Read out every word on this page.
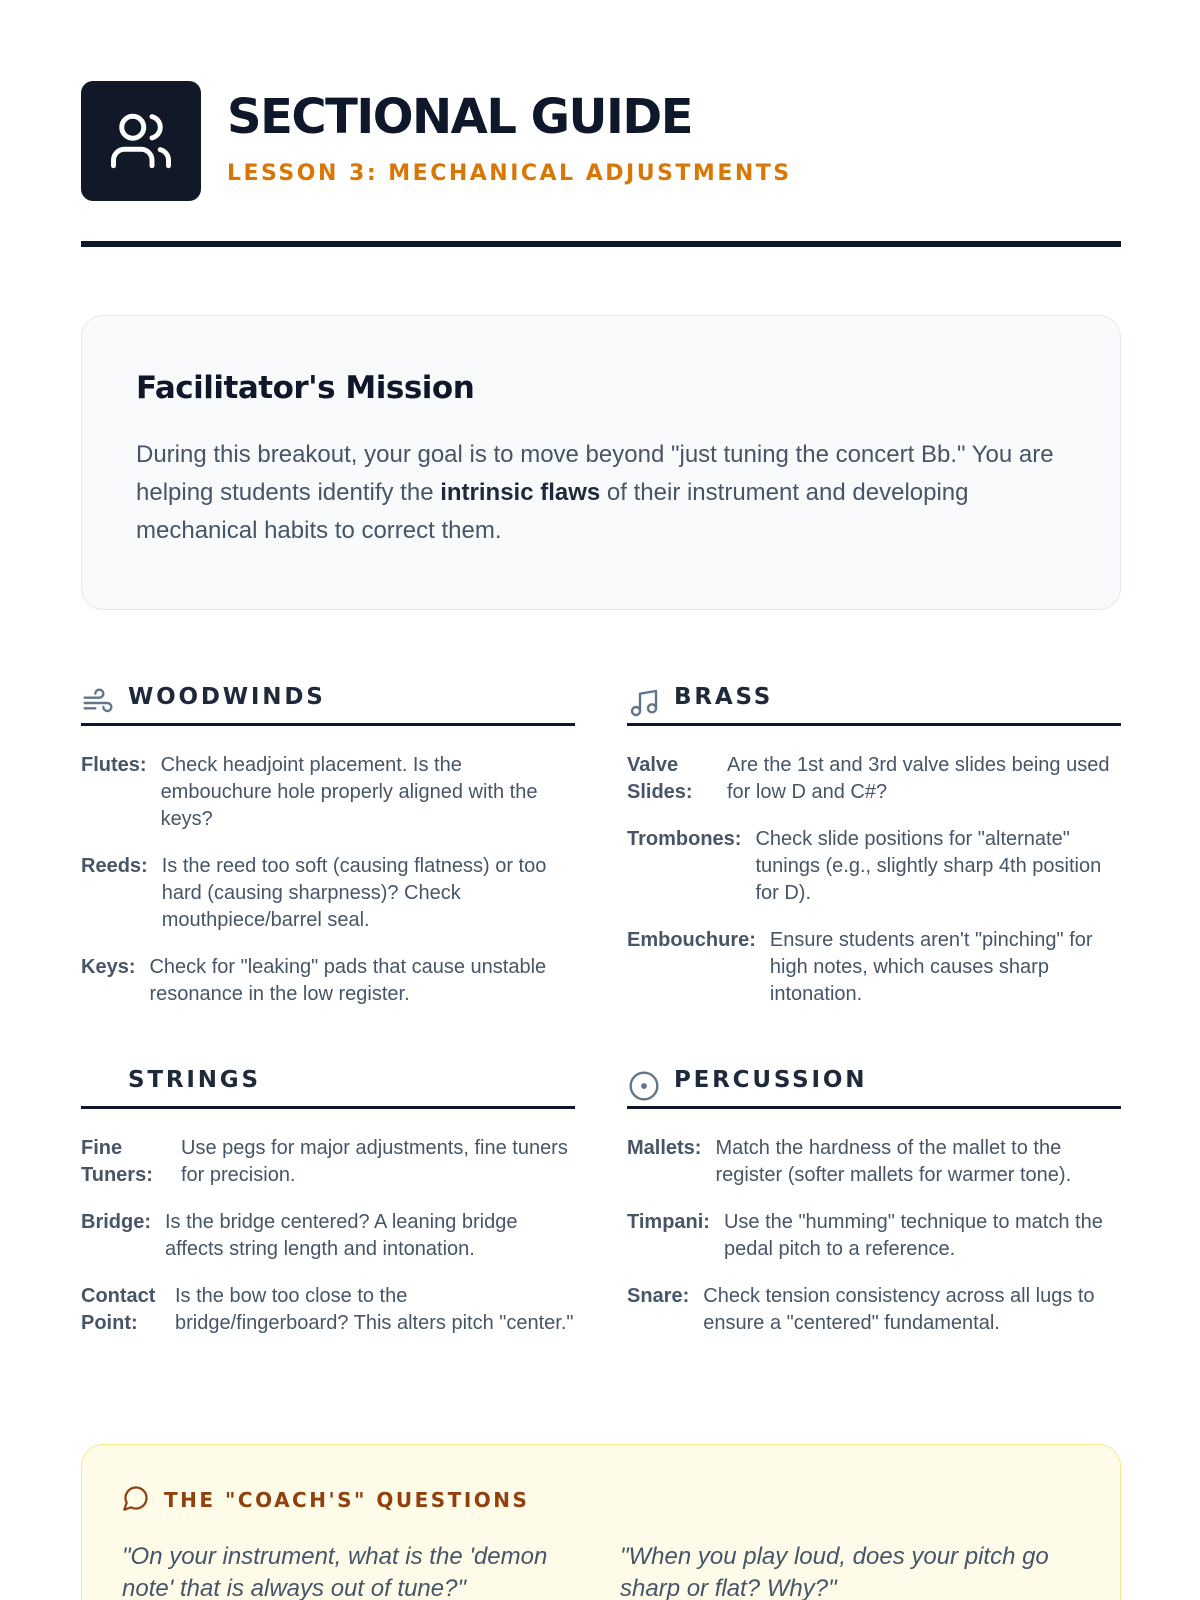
SECTIONAL GUIDE
LESSON 3: MECHANICAL ADJUSTMENTS
Facilitator's Mission

During this breakout, your goal is to move beyond "just tuning the concert Bb." You are helping students identify the intrinsic flaws of their instrument and developing mechanical habits to correct them.

WOODWINDS
Flutes: Check headjoint placement. Is the embouchure hole properly aligned with the keys?
Reeds: Is the reed too soft (causing flatness) or too hard (causing sharpness)? Check mouthpiece/barrel seal.
Keys: Check for "leaking" pads that cause unstable resonance in the low register.
BRASS
Valve Slides:
Are the 1st and 3rd valve slides being used for low D and C#?
Trombones: Check slide positions for "alternate" tunings (e.g., slightly sharp 4th position for D).
Embouchure: Ensure students aren't "pinching" for high notes, which causes sharp intonation.
STRINGS
Fine Tuners:
Use pegs for major adjustments, fine tuners for precision.
Bridge: Is the bridge centered? A leaning bridge affects string length and intonation.
Contact Point:
Is the bow too close to the bridge/fingerboard? This alters pitch "center."
PERCUSSION
Mallets: Match the hardness of the mallet to the register (softer mallets for warmer tone).
Timpani: Use the "humming" technique to match the pedal pitch to a reference.
Snare: Check tension consistency across all lugs to ensure a "centered" fundamental.
THE "COACH'S" QUESTIONS

"On your instrument, what is the 'demon note' that is always out of tune?"

"When you play loud, does your pitch go sharp or flat? Why?"
